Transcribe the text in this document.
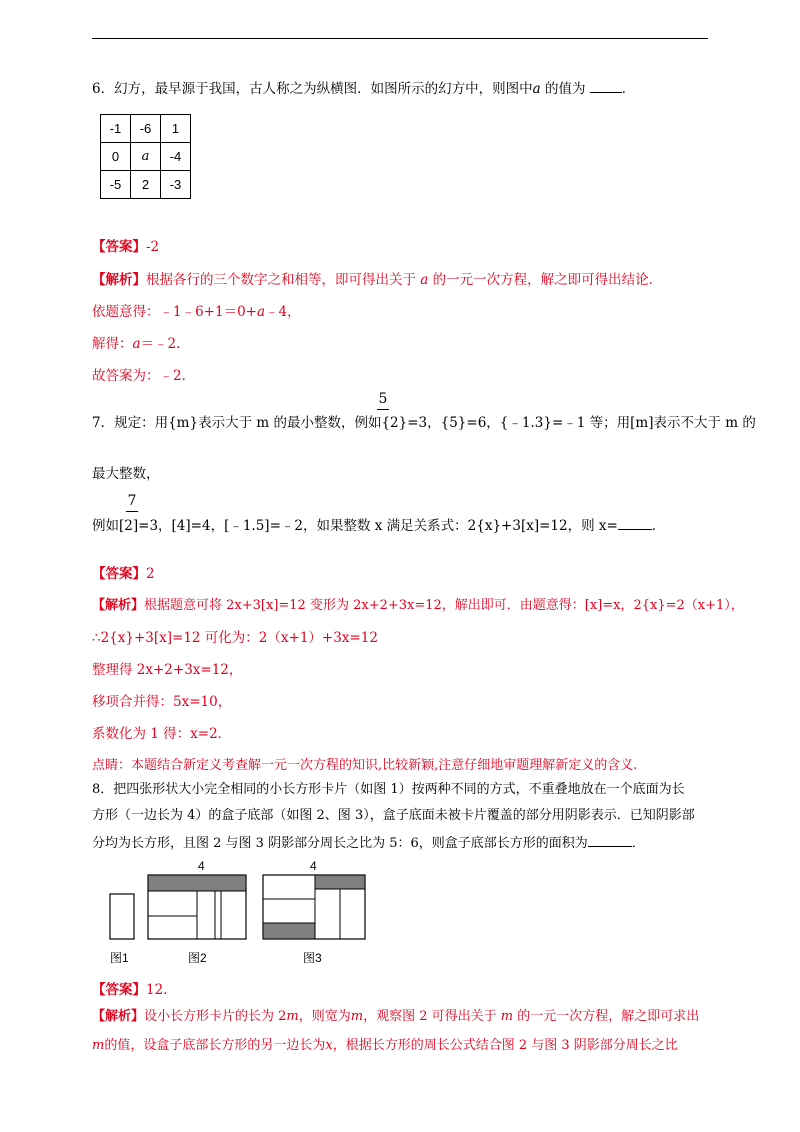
6．幻方，最早源于我国，古人称之为纵横图．如图所示的幻方中，则图中a 的值为	．
-1	-6	1
0	a	-4
-5	2	-3
【答案】-2
【解析】根据各行的三个数字之和相等，即可得出关于 a 的一元一次方程，解之即可得出结论．
依题意得：﹣1﹣6+1＝0+a﹣4，
解得：a＝﹣2．
故答案为：﹣2．
5
7．规定：用{m}表示大于 m 的最小整数，例如{2}=3，{5}=6，{﹣1.3}=﹣1 等；用[m]表示不大于 m 的
最大整数，
7
例如[2]=3，[4]=4，[﹣1.5]=﹣2，如果整数 x 满足关系式：2{x}+3[x]=12，则 x=	．
【答案】2
【解析】根据题意可将 2x+3[x]=12 变形为 2x+2+3x=12，解出即可．由题意得：[x]=x，2{x}=2（x+1），
∴2{x}+3[x]=12 可化为：2（x+1）+3x=12
整理得 2x+2+3x=12，
移项合并得：5x=10，
系数化为 1 得：x=2．
点睛：本题结合新定义考查解一元一次方程的知识,比较新颖,注意仔细地审题理解新定义的含义.
8．把四张形状大小完全相同的小长方形卡片（如图 1）按两种不同的方式，不重叠地放在一个底面为长
方形（一边长为 4）的盒子底部（如图 2、图 3），盒子底面未被卡片覆盖的部分用阴影表示．已知阴影部
分均为长方形，且图 2 与图 3 阴影部分周长之比为 5：6，则盒子底部长方形的面积为	．
图1
4
图2
4
图3
【答案】12.
【解析】设小长方形卡片的长为 2m，则宽为m，观察图 2 可得出关于 m 的一元一次方程，解之即可求出
m的值，设盒子底部长方形的另一边长为x，根据长方形的周长公式结合图 2 与图 3 阴影部分周长之比
